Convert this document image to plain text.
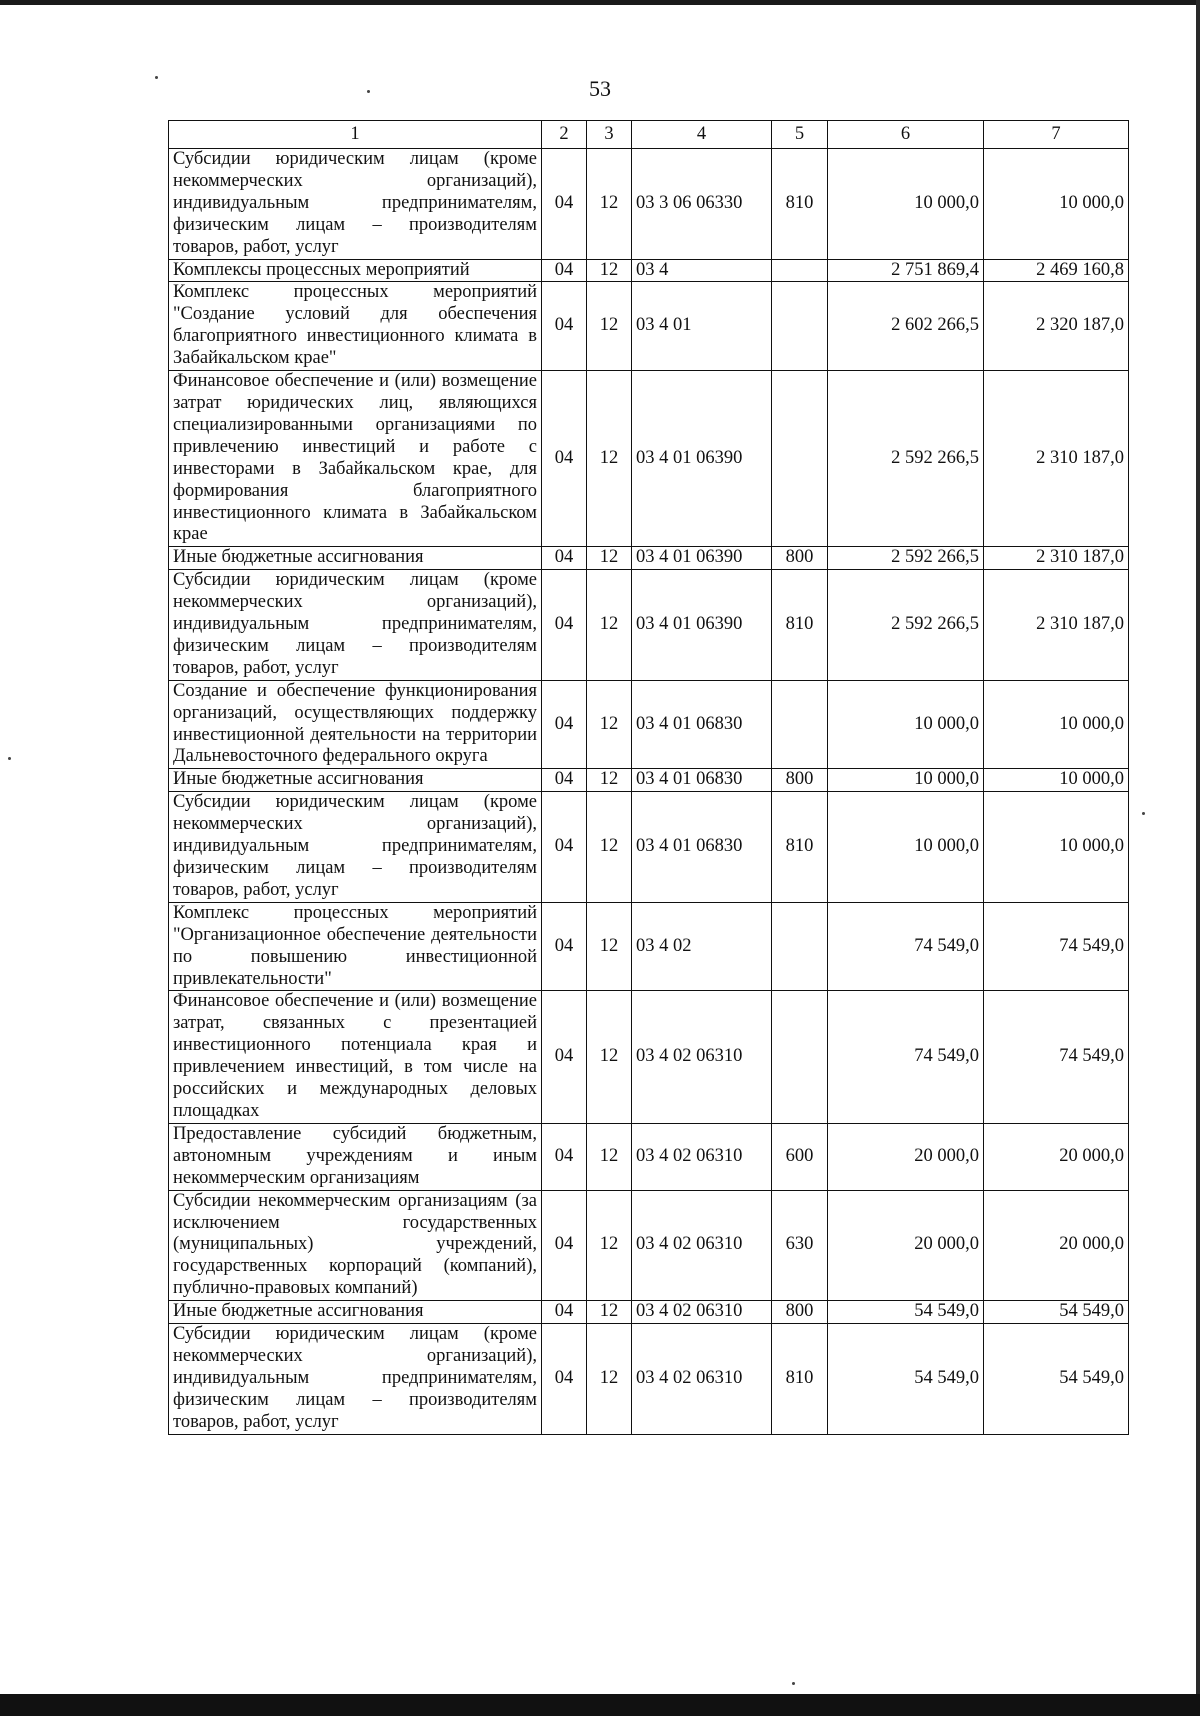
53
1	2	3	4	5	6	7
Субсидии юридическим лицам (кроме некоммерческих организаций), индивидуальным предпринимателям, физическим лицам – производителям товаров, работ, услуг	04	12	03 3 06 06330	810	10 000,0	10 000,0
Комплексы процессных мероприятий	04	12	03 4		2 751 869,4	2 469 160,8
Комплекс процессных мероприятий "Создание условий для обеспечения благоприятного инвестиционного климата в Забайкальском крае"	04	12	03 4 01		2 602 266,5	2 320 187,0
Финансовое обеспечение и (или) возмещение затрат юридических лиц, являющихся специализированными организациями по привлечению инвестиций и работе с инвесторами в Забайкальском крае, для формирования благоприятного инвестиционного климата в Забайкальском крае	04	12	03 4 01 06390		2 592 266,5	2 310 187,0
Иные бюджетные ассигнования	04	12	03 4 01 06390	800	2 592 266,5	2 310 187,0
Субсидии юридическим лицам (кроме некоммерческих организаций), индивидуальным предпринимателям, физическим лицам – производителям товаров, работ, услуг	04	12	03 4 01 06390	810	2 592 266,5	2 310 187,0
Создание и обеспечение функционирования организаций, осуществляющих поддержку инвестиционной деятельности на территории Дальневосточного федерального округа	04	12	03 4 01 06830		10 000,0	10 000,0
Иные бюджетные ассигнования	04	12	03 4 01 06830	800	10 000,0	10 000,0
Субсидии юридическим лицам (кроме некоммерческих организаций), индивидуальным предпринимателям, физическим лицам – производителям товаров, работ, услуг	04	12	03 4 01 06830	810	10 000,0	10 000,0
Комплекс процессных мероприятий "Организационное обеспечение деятельности по повышению инвестиционной привлекательности"	04	12	03 4 02		74 549,0	74 549,0
Финансовое обеспечение и (или) возмещение затрат, связанных с презентацией инвестиционного потенциала края и привлечением инвестиций, в том числе на российских и международных деловых площадках	04	12	03 4 02 06310		74 549,0	74 549,0
Предоставление субсидий бюджетным, автономным учреждениям и иным некоммерческим организациям	04	12	03 4 02 06310	600	20 000,0	20 000,0
Субсидии некоммерческим организациям (за исключением государственных (муниципальных) учреждений, государственных корпораций (компаний), публично-правовых компаний)	04	12	03 4 02 06310	630	20 000,0	20 000,0
Иные бюджетные ассигнования	04	12	03 4 02 06310	800	54 549,0	54 549,0
Субсидии юридическим лицам (кроме некоммерческих организаций), индивидуальным предпринимателям, физическим лицам – производителям товаров, работ, услуг	04	12	03 4 02 06310	810	54 549,0	54 549,0
